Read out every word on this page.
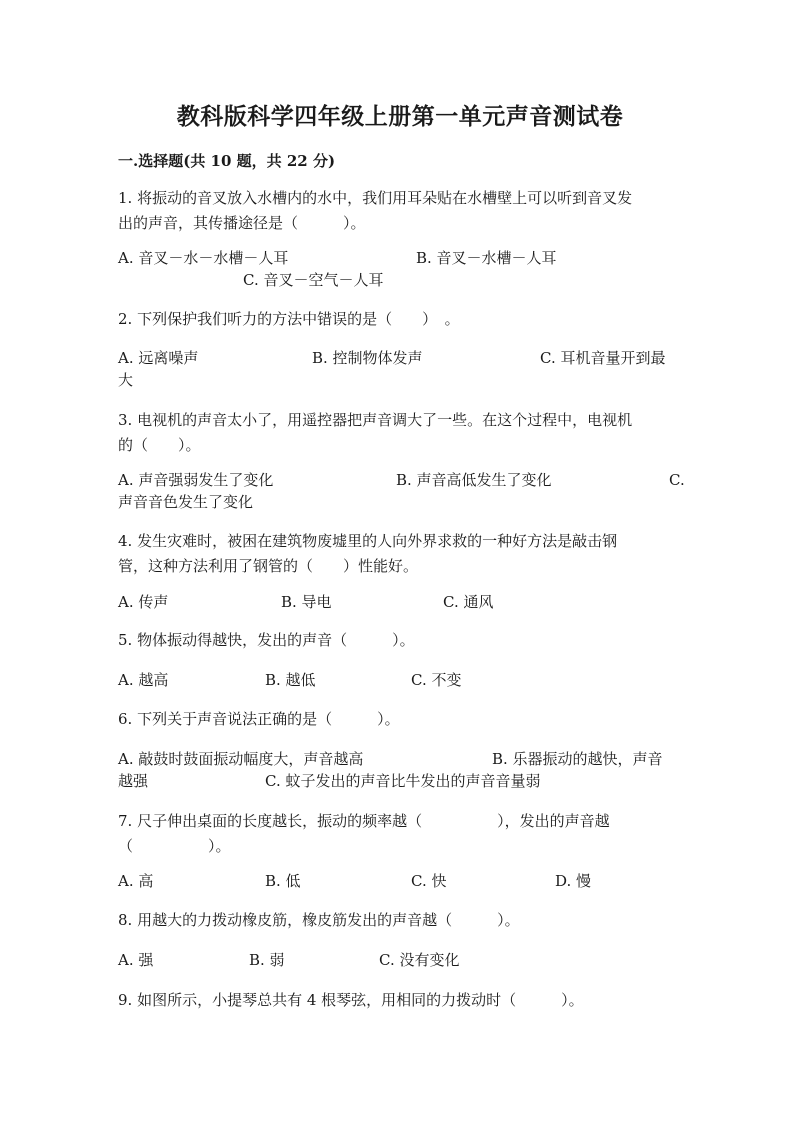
教科版科学四年级上册第一单元声音测试卷
一.选择题(共 10 题，共 22 分)
1. 将振动的音叉放入水槽内的水中，我们用耳朵贴在水槽壁上可以听到音叉发
出的声音，其传播途径是（　　　）。
A. 音叉－水－水槽－人耳	B. 音叉－水槽－人耳
C. 音叉－空气－人耳
2. 下列保护我们听力的方法中错误的是（　　）　。
A. 远离噪声	B. 控制物体发声	C. 耳机音量开到最
大
3. 电视机的声音太小了，用遥控器把声音调大了一些。在这个过程中，电视机
的（　　）。
A. 声音强弱发生了变化	B. 声音高低发生了变化	C.
声音音色发生了变化
4. 发生灾难时，被困在建筑物废墟里的人向外界求救的一种好方法是敲击钢
管，这种方法利用了钢管的（　　）性能好。
A. 传声	B. 导电	C. 通风
5. 物体振动得越快，发出的声音（　　　）。
A. 越高	B. 越低	C. 不变
6. 下列关于声音说法正确的是（　　　）。
A. 敲鼓时鼓面振动幅度大，声音越高	B. 乐器振动的越快，声音
越强	C. 蚊子发出的声音比牛发出的声音音量弱
7. 尺子伸出桌面的长度越长，振动的频率越（　　　　　），发出的声音越
（　　　　　）。
A. 高	B. 低	C. 快	D. 慢
8. 用越大的力拨动橡皮筋，橡皮筋发出的声音越（　　　）。
A. 强	B. 弱	C. 没有变化
9. 如图所示，小提琴总共有 4 根琴弦，用相同的力拨动时（　　　）。
